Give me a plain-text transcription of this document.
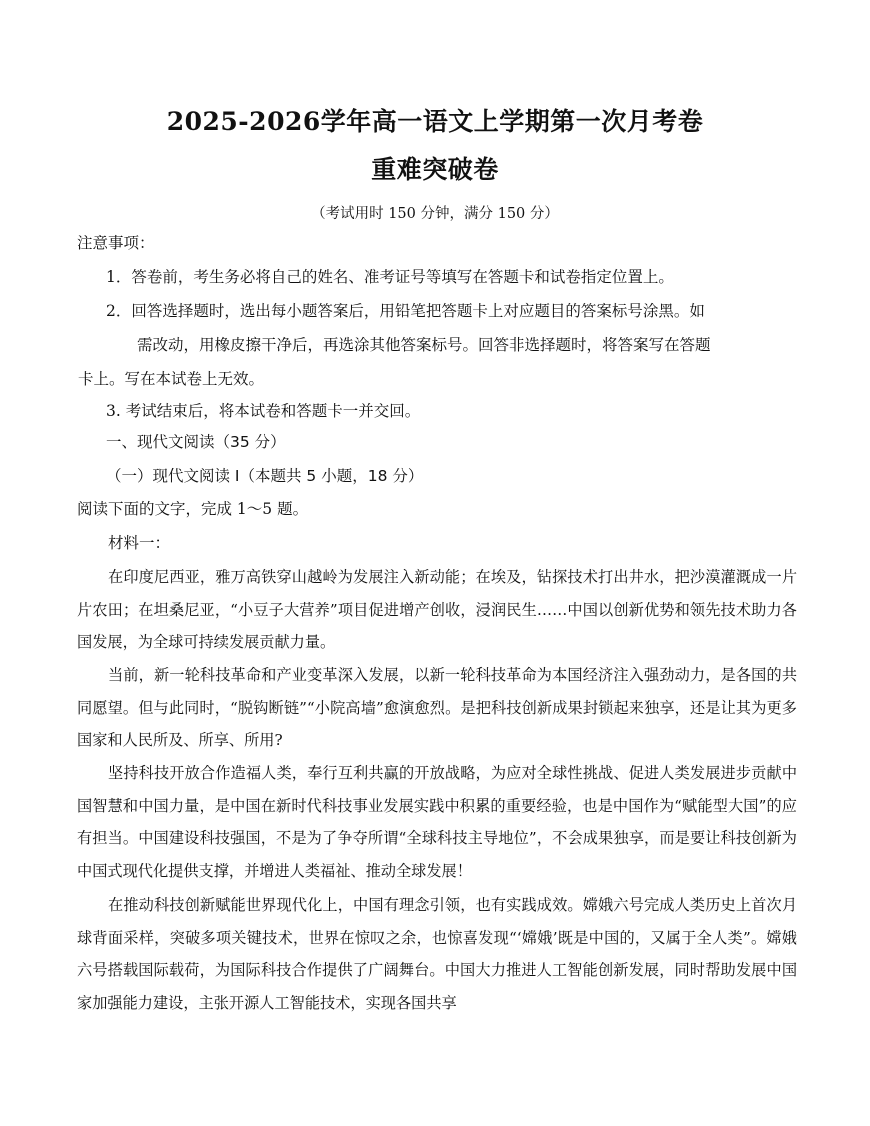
2025-2026学年高一语文上学期第一次月考卷
重难突破卷
（考试用时 150 分钟，满分 150 分）
注意事项：
1．答卷前，考生务必将自己的姓名、准考证号等填写在答题卡和试卷指定位置上。
2．回答选择题时，选出每小题答案后，用铅笔把答题卡上对应题目的答案标号涂黑。如
需改动，用橡皮擦干净后，再选涂其他答案标号。回答非选择题时，将答案写在答题
卡上。写在本试卷上无效。
3. 考试结束后，将本试卷和答题卡一并交回。
一、现代文阅读（35 分）
（一）现代文阅读 Ⅰ（本题共 5 小题，18 分）
阅读下面的文字，完成 1～5 题。
材料一：

在印度尼西亚，雅万高铁穿山越岭为发展注入新动能；在埃及，钻探技术打出井水，把沙漠灌溉成一片片农田；在坦桑尼亚，“小豆子大营养”项目促进增产创收，浸润民生……中国以创新优势和领先技术助力各国发展，为全球可持续发展贡献力量。

当前，新一轮科技革命和产业变革深入发展，以新一轮科技革命为本国经济注入强劲动力，是各国的共同愿望。但与此同时，“脱钩断链”“小院高墙”愈演愈烈。是把科技创新成果封锁起来独享，还是让其为更多国家和人民所及、所享、所用?

坚持科技开放合作造福人类，奉行互利共赢的开放战略，为应对全球性挑战、促进人类发展进步贡献中国智慧和中国力量，是中国在新时代科技事业发展实践中积累的重要经验，也是中国作为“赋能型大国”的应有担当。中国建设科技强国，不是为了争夺所谓“全球科技主导地位”，不会成果独享，而是要让科技创新为中国式现代化提供支撑，并增进人类福祉、推动全球发展！

在推动科技创新赋能世界现代化上，中国有理念引领，也有实践成效。嫦娥六号完成人类历史上首次月球背面采样，突破多项关键技术，世界在惊叹之余，也惊喜发现“‘嫦娥’既是中国的，又属于全人类”。嫦娥六号搭载国际载荷，为国际科技合作提供了广阔舞台。中国大力推进人工智能创新发展，同时帮助发展中国家加强能力建设，主张开源人工智能技术，实现各国共享
